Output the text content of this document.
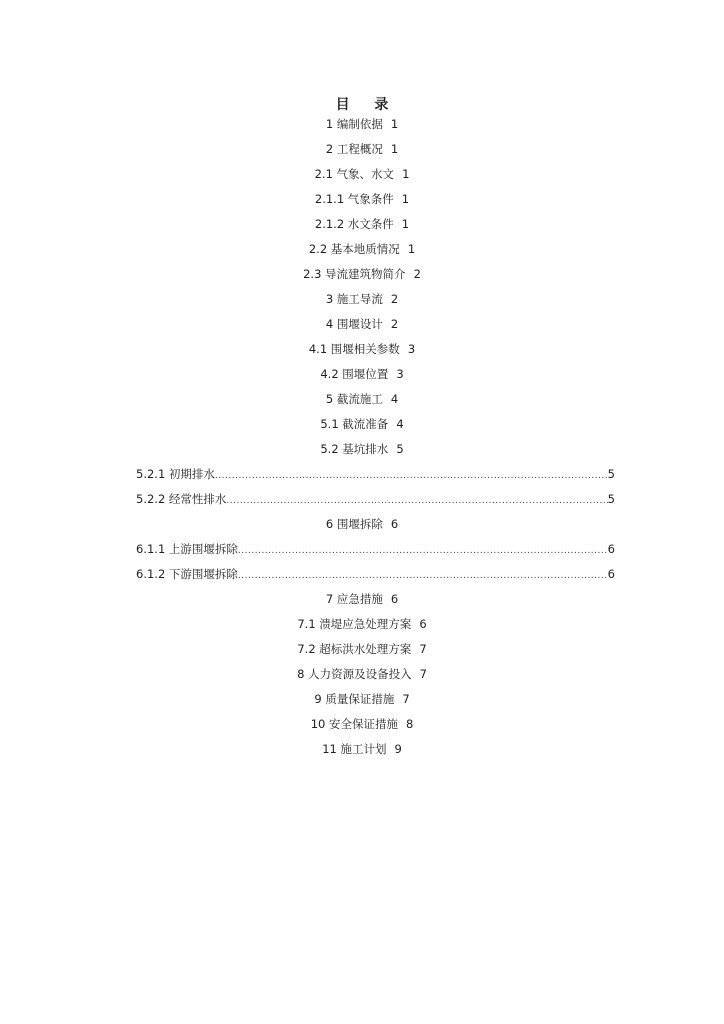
目 录
1 编制依据 1
2 工程概况 1
2.1 气象、水文 1
2.1.1 气象条件 1
2.1.2 水文条件 1
2.2 基本地质情况 1
2.3 导流建筑物简介 2
3 施工导流 2
4 围堰设计 2
4.1 围堰相关参数 3
4.2 围堰位置 3
5 截流施工 4
5.1 截流准备 4
5.2 基坑排水 5
5.2.1 初期排水 .....	5
5.2.2 经常性排水 .....	5
6 围堰拆除 6
6.1.1 上游围堰拆除 .....	6
6.1.2 下游围堰拆除 .....	6
7 应急措施 6
7.1 溃堤应急处理方案 6
7.2 超标洪水处理方案 7
8 人力资源及设备投入 7
9 质量保证措施 7
10 安全保证措施 8
11 施工计划 9
